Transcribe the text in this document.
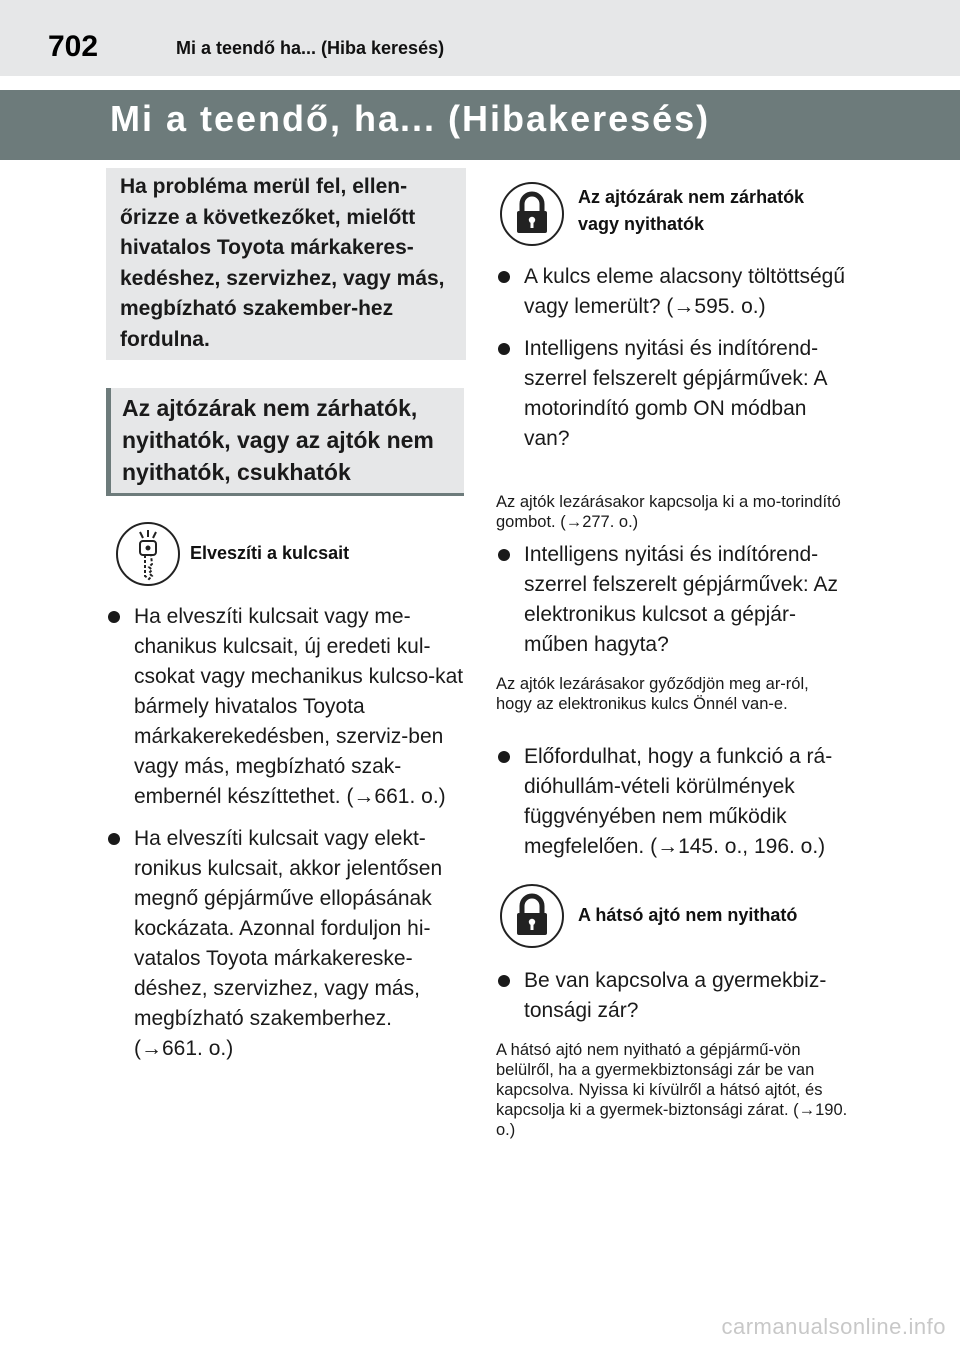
702	Mi a teendő ha... (Hiba keresés)
Mi a teendő, ha... (Hibakeresés)

Ha probléma merül fel, ellen-őrizze a következőket, mielőtt hivatalos Toyota márkakeres-kedéshez, szervizhez, vagy más, megbízható szakember-hez fordulna.

Az ajtózárak nem zárhatók, nyithatók, vagy az ajtók nem nyithatók, csukhatók

Elveszíti a kulcsait

Ha elveszíti kulcsait vagy me-chanikus kulcsait, új eredeti kul-csokat vagy mechanikus kulcso-kat bármely hivatalos Toyota márkakerekedésben, szerviz-ben vagy más, megbízható szak-embernél készíttethet. (→661. o.)
Ha elveszíti kulcsait vagy elekt-ronikus kulcsait, akkor jelentősen megnő gépjárműve ellopásának kockázata. Azonnal forduljon hi-vatalos Toyota márkakereske-déshez, szervizhez, vagy más, megbízható szakemberhez. (→661. o.)

Az ajtózárak nem zárhatók vagy nyithatók

A kulcs eleme alacsony töltöttségű vagy lemerült? (→595. o.)
Intelligens nyitási és indítórend-szerrel felszerelt gépjárművek: A motorindító gomb ON módban van?

Az ajtók lezárásakor kapcsolja ki a mo-torindító gombot. (→277. o.)

Intelligens nyitási és indítórend-szerrel felszerelt gépjárművek: Az elektronikus kulcsot a gépjár-műben hagyta?

Az ajtók lezárásakor győződjön meg ar-ról, hogy az elektronikus kulcs Önnél van-e.

Előfordulhat, hogy a funkció a rá-dióhullám-vételi körülmények függvényében nem működik megfelelően. (→145. o., 196. o.)

A hátsó ajtó nem nyitható

Be van kapcsolva a gyermekbiz-tonsági zár?

A hátsó ajtó nem nyitható a gépjármű-vön belülről, ha a gyermekbiztonsági zár be van kapcsolva. Nyissa ki kívülről a hátsó ajtót, és kapcsolja ki a gyermek-biztonsági zárat. (→190. o.)

carmanualsonline.info
